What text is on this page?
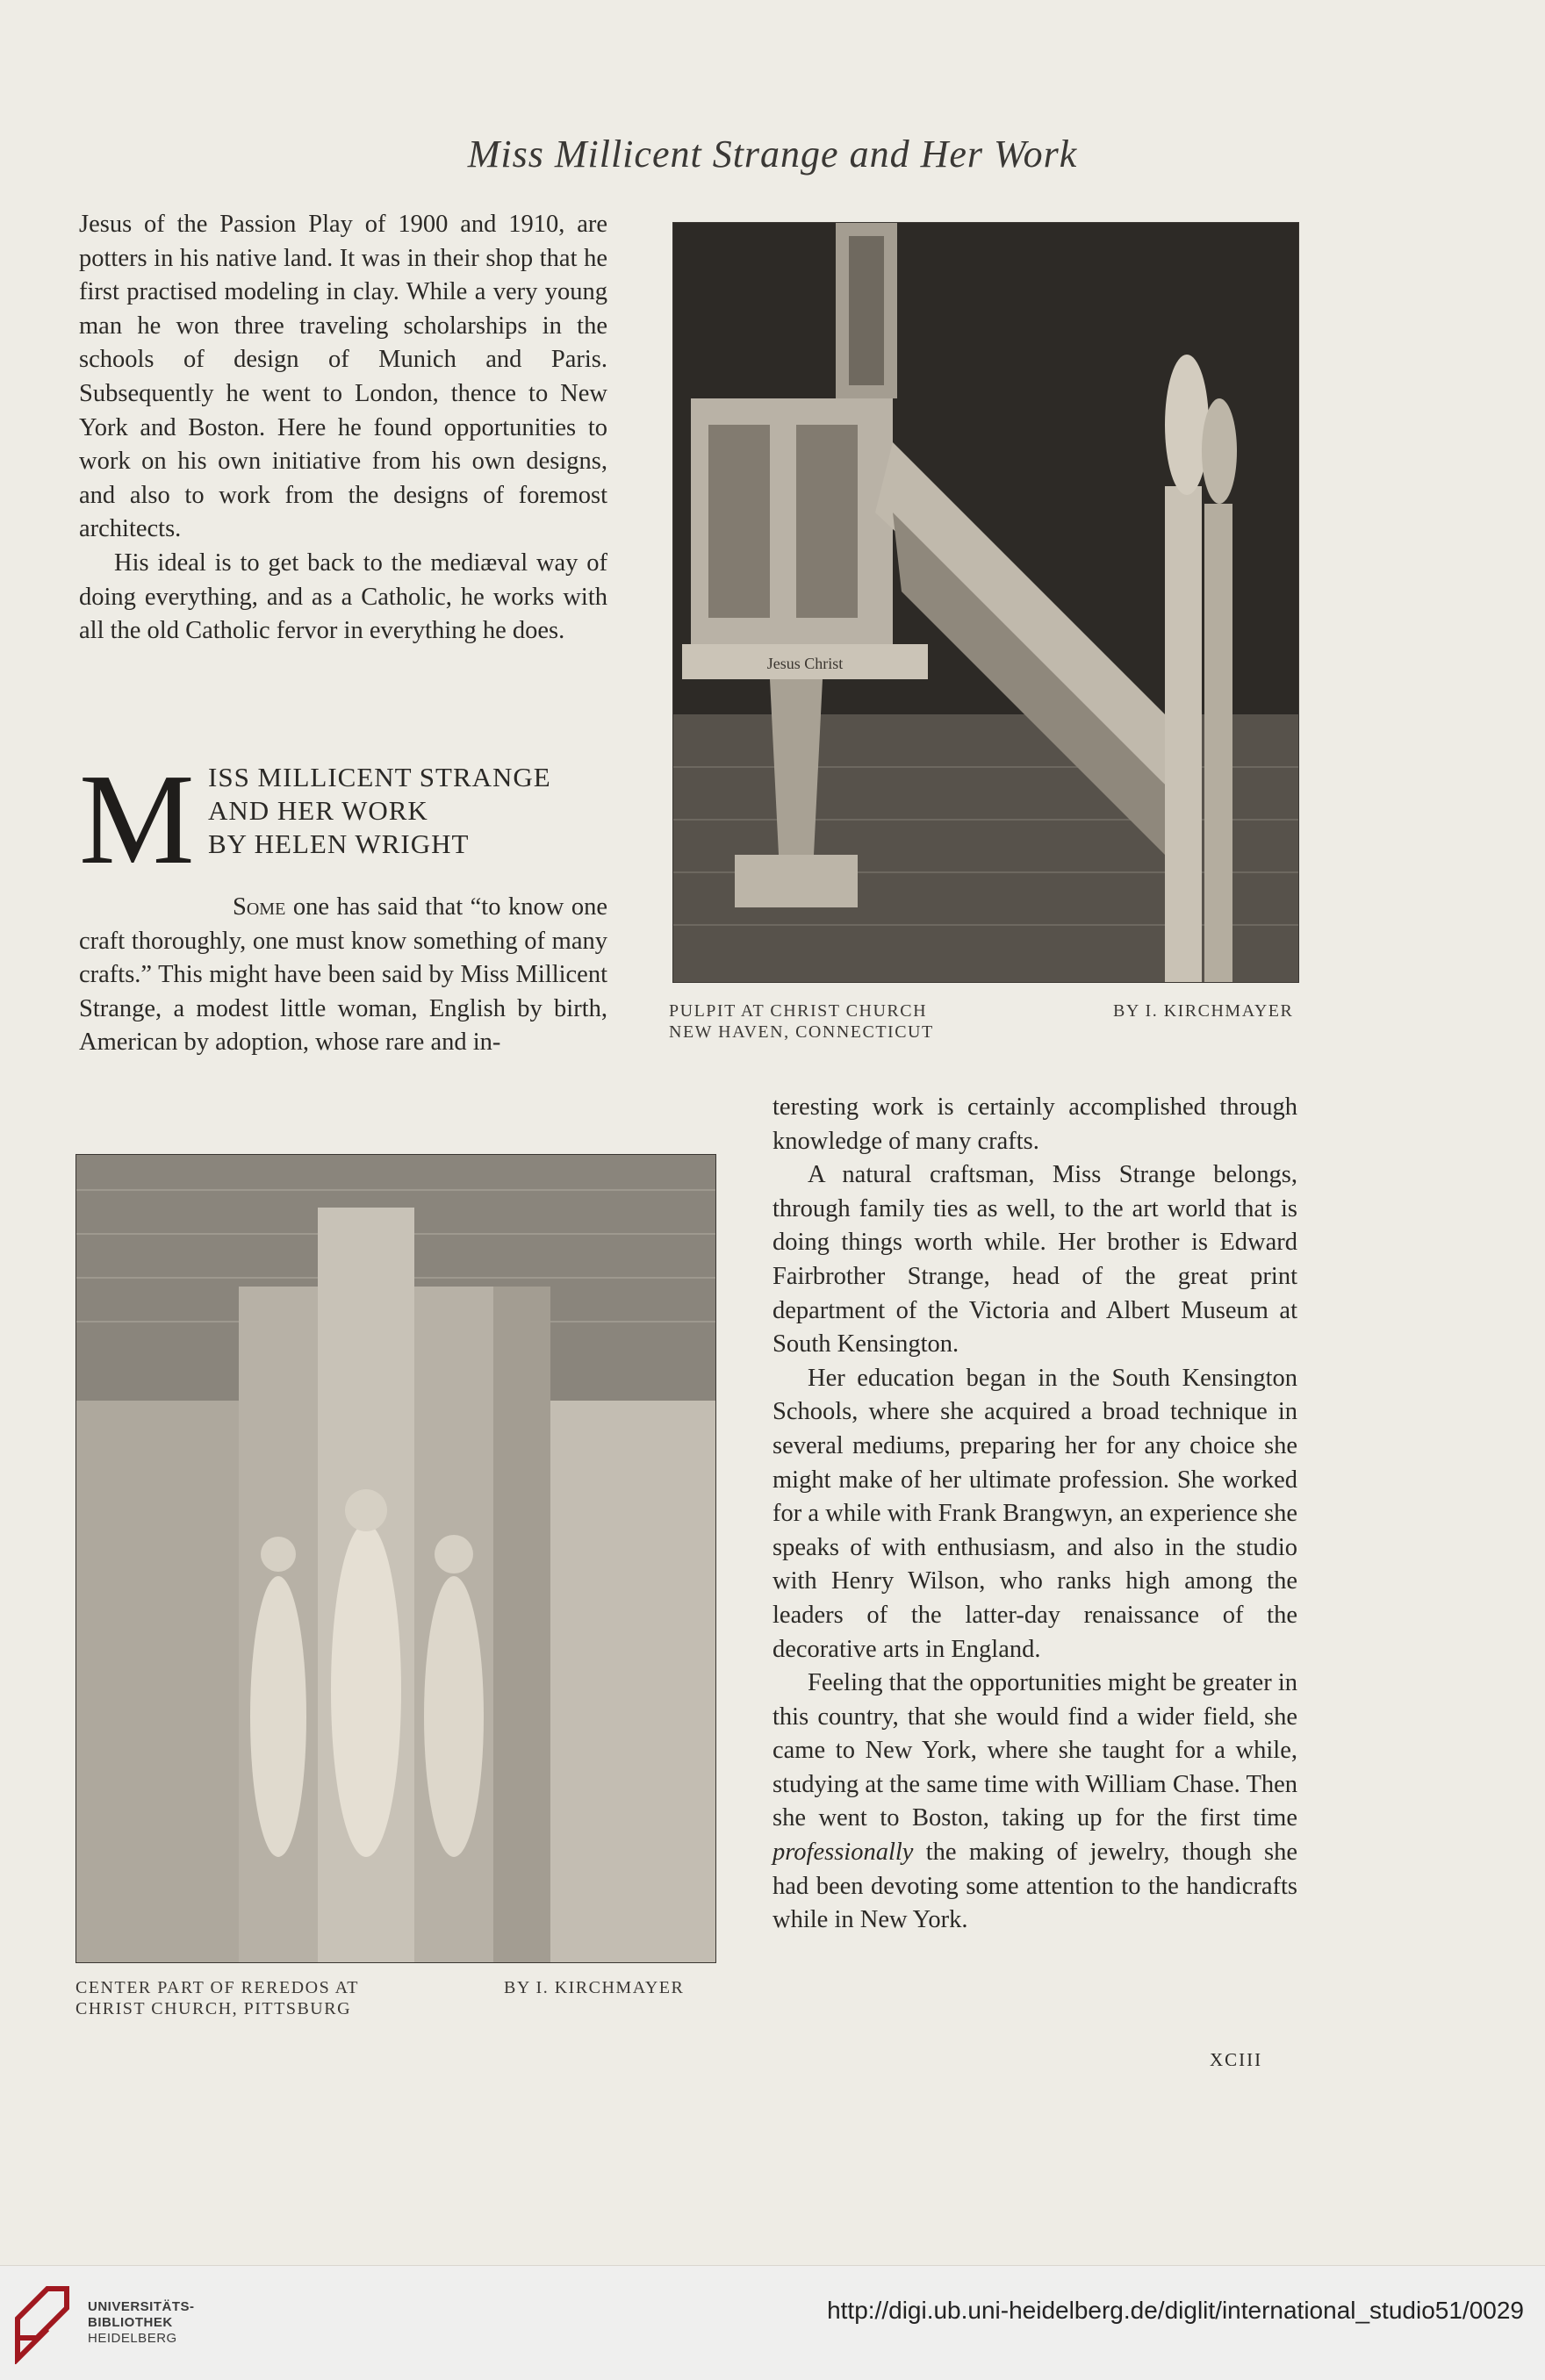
Miss Millicent Strange and Her Work

Jesus of the Passion Play of 1900 and 1910, are potters in his native land. It was in their shop that he first practised modeling in clay. While a very young man he won three traveling scholarships in the schools of design of Munich and Paris. Subsequently he went to London, thence to New York and Boston. Here he found opportunities to work on his own initiative from his own designs, and also to work from the designs of foremost architects.

His ideal is to get back to the mediæval way of doing everything, and as a Catholic, he works with all the old Catholic fervor in everything he does.

M ISS MILLICENT STRANGE
AND HER WORK
BY HELEN WRIGHT

Some one has said that “to know one craft thoroughly, one must know something of many crafts.” This might have been said by Miss Millicent Strange, a modest little woman, English by birth, American by adoption, whose rare and in-

Jesus Christ
PULPIT AT CHRIST CHURCH
NEW HAVEN, CONNECTICUT
BY I. KIRCHMAYER
CENTER PART OF REREDOS AT
CHRIST CHURCH, PITTSBURG
BY I. KIRCHMAYER

teresting work is certainly accomplished through knowledge of many crafts.

A natural craftsman, Miss Strange belongs, through family ties as well, to the art world that is doing things worth while. Her brother is Edward Fairbrother Strange, head of the great print department of the Victoria and Albert Museum at South Kensington.

Her education began in the South Kensington Schools, where she acquired a broad technique in several mediums, preparing her for any choice she might make of her ultimate profession. She worked for a while with Frank Brangwyn, an experience she speaks of with enthusiasm, and also in the studio with Henry Wilson, who ranks high among the leaders of the latter-day renaissance of the decorative arts in England.

Feeling that the opportunities might be greater in this country, that she would find a wider field, she came to New York, where she taught for a while, studying at the same time with William Chase. Then she went to Boston, taking up for the first time professionally the making of jewelry, though she had been devoting some attention to the handicrafts while in New York.

XCIII
UNIVERSITÄTS-
BIBLIOTHEK
HEIDELBERG
http://digi.ub.uni-heidelberg.de/diglit/international_studio51/0029
